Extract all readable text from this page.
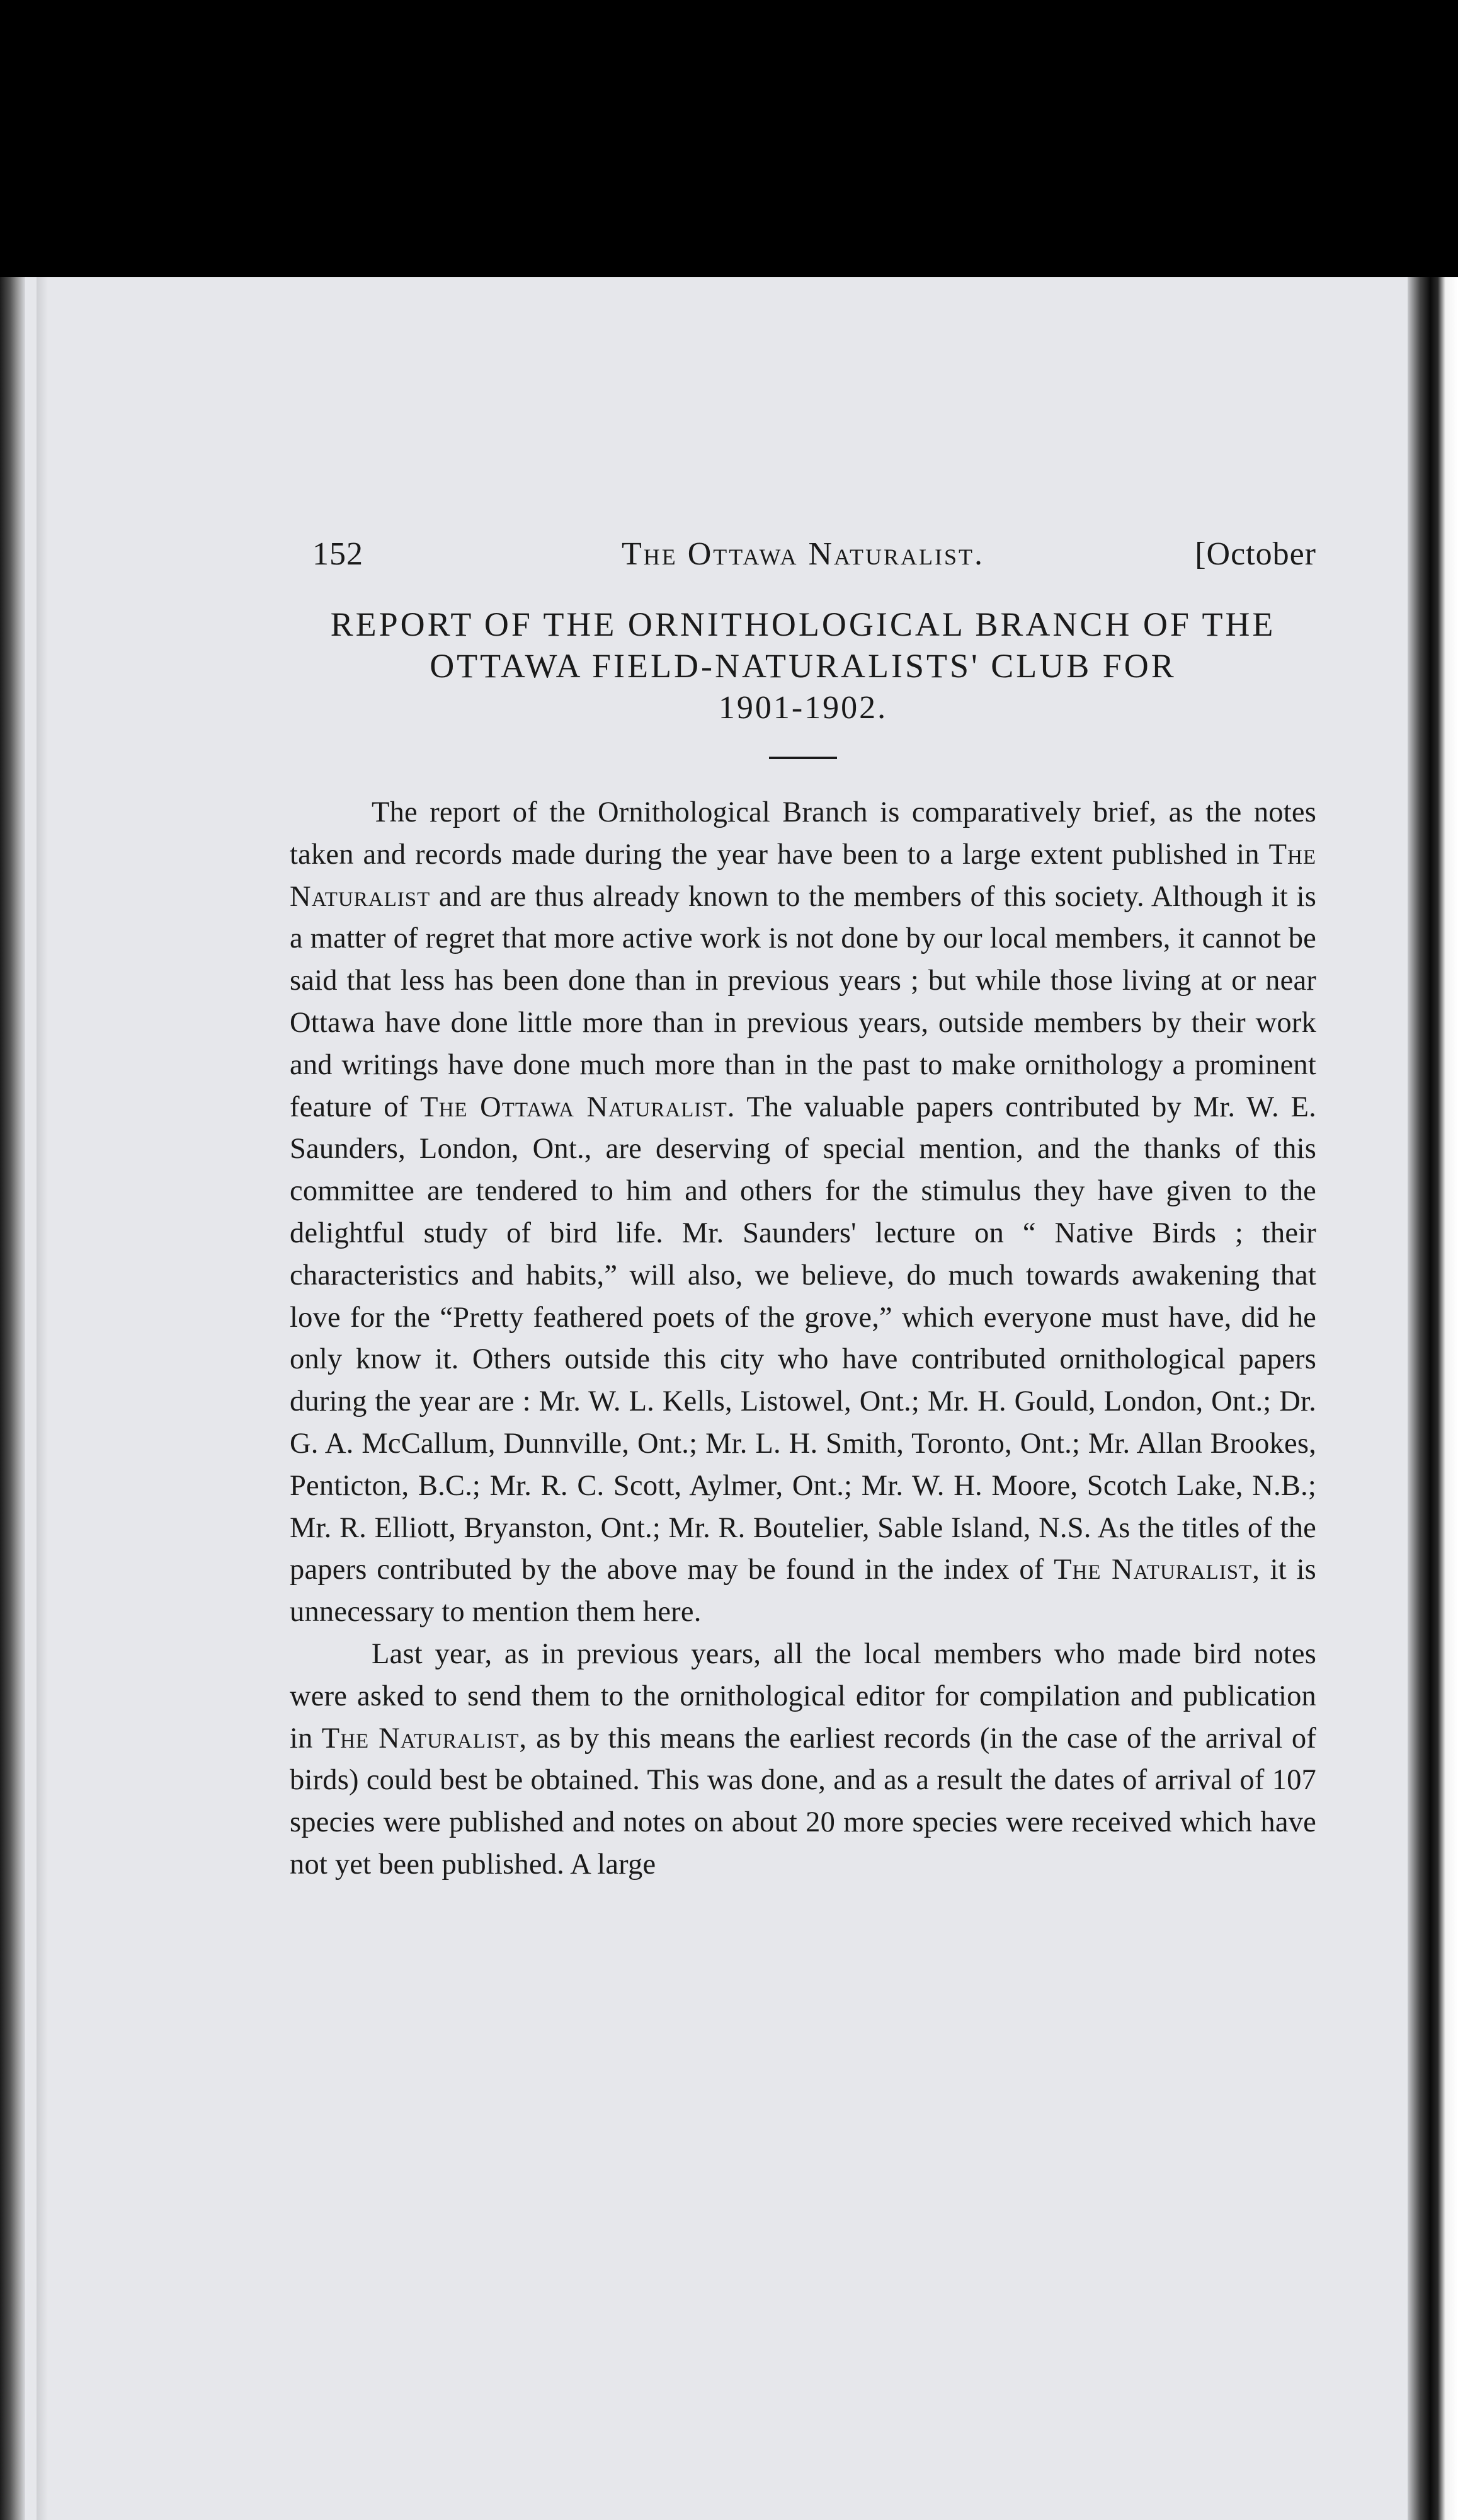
152	The Ottawa Naturalist.	[October
REPORT OF THE ORNITHOLOGICAL BRANCH OF THE
OTTAWA FIELD-NATURALISTS' CLUB FOR
1901-1902.

The report of the Ornithological Branch is comparatively brief, as the notes taken and records made during the year have been to a large extent published in The Naturalist and are thus already known to the members of this society. Although it is a matter of regret that more active work is not done by our local members, it cannot be said that less has been done than in previous years ; but while those living at or near Ottawa have done little more than in previous years, outside members by their work and writings have done much more than in the past to make ornithology a prominent feature of The Ottawa Naturalist. The valuable papers contributed by Mr. W. E. Saunders, London, Ont., are deserving of special mention, and the thanks of this committee are tendered to him and others for the stimulus they have given to the delightful study of bird life. Mr. Saunders' lecture on “ Native Birds ; their characteristics and habits,” will also, we believe, do much towards awakening that love for the “Pretty feathered poets of the grove,” which everyone must have, did he only know it. Others outside this city who have contributed ornithological papers during the year are : Mr. W. L. Kells, Listowel, Ont.; Mr. H. Gould, London, Ont.; Dr. G. A. McCallum, Dunnville, Ont.; Mr. L. H. Smith, Toronto, Ont.; Mr. Allan Brookes, Penticton, B.C.; Mr. R. C. Scott, Aylmer, Ont.; Mr. W. H. Moore, Scotch Lake, N.B.; Mr. R. Elliott, Bryanston, Ont.; Mr. R. Boutelier, Sable Island, N.S. As the titles of the papers contributed by the above may be found in the index of The Naturalist, it is unnecessary to mention them here.

Last year, as in previous years, all the local members who made bird notes were asked to send them to the ornithological editor for compilation and publication in The Naturalist, as by this means the earliest records (in the case of the arrival of birds) could best be obtained. This was done, and as a result the dates of arrival of 107 species were published and notes on about 20 more species were received which have not yet been published. A large
